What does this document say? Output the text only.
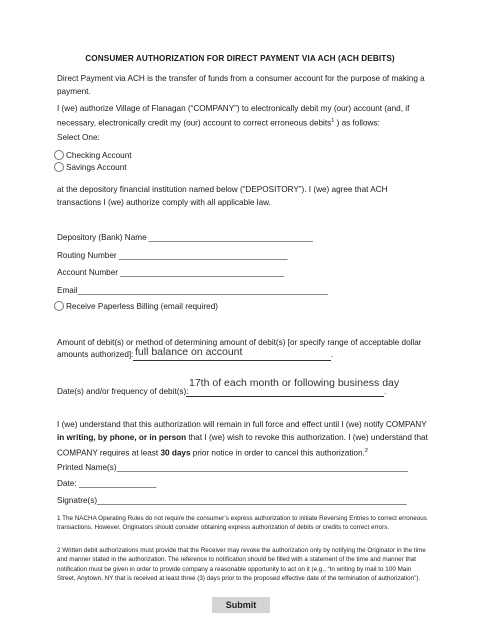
CONSUMER AUTHORIZATION FOR DIRECT PAYMENT VIA ACH (ACH DEBITS)
Direct Payment via ACH is the transfer of funds from a consumer account for the purpose of making a payment.
I (we) authorize Village of Flanagan (“COMPANY”) to electronically debit my (our) account (and, if necessary, electronically credit my (our) account to correct erroneous debits$^1$ ) as follows:
Select One:
Checking Account
Savings Account
at the depository financial institution named below (“DEPOSITORY”). I (we) agree that ACH transactions I (we) authorize comply with all applicable law.
Depository (Bank) Name ____________________________________
Routing Number _____________________________________
Account Number ____________________________________
Email_______________________________________________________
Receive Paperless Billing (email required)
Amount of debit(s) or method of determining amount of debit(s) [or specify range of acceptable dollar
amounts authorized]: full balance on account	.
Date(s) and/or frequency of debit(s):
17th of each month or following business day
.
I (we) understand that this authorization will remain in full force and effect until I (we) notify COMPANY
in writing, by phone, or in person that I (we) wish to revoke this authorization. I (we) understand that
COMPANY requires at least 30 days prior notice in order to cancel this authorization.$^2$
Printed Name(s)________________________________________________________________
Date: _________________
Signatre(s)____________________________________________________________________
1 The NACHA Operating Rules do not require the consumer’s express authorization to initiate Reversing Entries to correct erroneous transactions. However, Originators should consider obtaining express authorization of debits or credits to correct errors.
2 Written debit authorizations must provide that the Receiver may revoke the authorization only by notifying the Originator in the time and manner stated in the authorization. The reference to notification should be filled with a statement of the time and manner that notification must be given in order to provide company a reasonable opportunity to act on it (e.g., “In writing by mail to 100 Main Street, Anytown, NY that is received at least three (3) days prior to the proposed effective date of the termination of authorization”).
Submit
